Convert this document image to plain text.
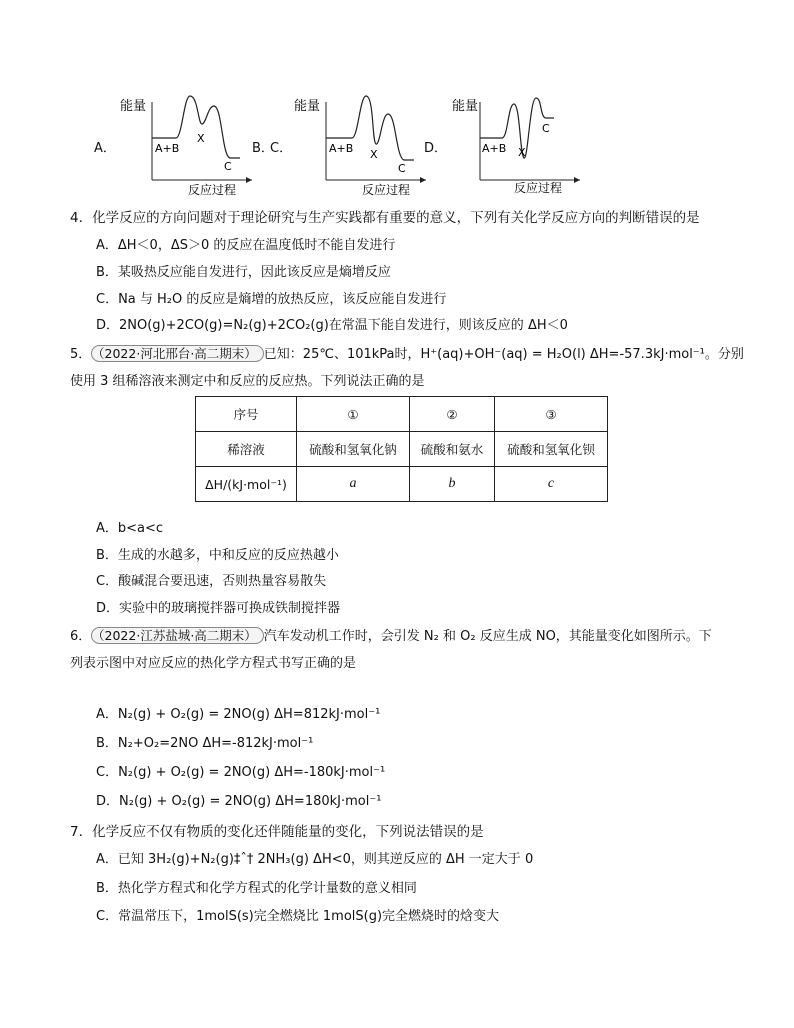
A．
能量
A+B
X
C
反应过程
B．
C．
能量
A+B X
C
反应过程
D．
能量
A+B X
C
反应过程
4．化学反应的方向问题对于理论研究与生产实践都有重要的意义，下列有关化学反应方向的判断错误的是
A．ΔH＜0，ΔS＞0 的反应在温度低时不能自发进行
B．某吸热反应能自发进行，因此该反应是熵增反应
C．Na 与 H₂O 的反应是熵增的放热反应，该反应能自发进行
D．2NO(g)+2CO(g)=N₂(g)+2CO₂(g)在常温下能自发进行，则该反应的 ΔH＜0
5． （2022·河北邢台·高二期末） 已知：25℃、101kPa时，H⁺(aq)+OH⁻(aq) = H₂O(l) ΔH=-57.3kJ·mol⁻¹。分别
使用 3 组稀溶液来测定中和反应的反应热。下列说法正确的是
序号	①	②	③
稀溶液	硫酸和氢氧化钠	硫酸和氨水	硫酸和氢氧化钡
ΔH/(kJ·mol⁻¹)	a	b	c
A．b<a<c
B．生成的水越多，中和反应的反应热越小
C．酸碱混合要迅速，否则热量容易散失
D．实验中的玻璃搅拌器可换成铁制搅拌器
6． （2022·江苏盐城·高二期末） 汽车发动机工作时，会引发 N₂ 和 O₂ 反应生成 NO，其能量变化如图所示。下
列表示图中对应反应的热化学方程式书写正确的是
A．N₂(g) + O₂(g) = 2NO(g) ΔH=812kJ·mol⁻¹
B．N₂+O₂=2NO ΔH=-812kJ·mol⁻¹
C．N₂(g) + O₂(g) = 2NO(g) ΔH=-180kJ·mol⁻¹
D．N₂(g) + O₂(g) = 2NO(g) ΔH=180kJ·mol⁻¹
7．化学反应不仅有物质的变化还伴随能量的变化，下列说法错误的是
A．已知 3H₂(g)+N₂(g)‡ˆ† 2NH₃(g) ΔH<0，则其逆反应的 ΔH 一定大于 0
B．热化学方程式和化学方程式的化学计量数的意义相同
C．常温常压下，1molS(s)完全燃烧比 1molS(g)完全燃烧时的焓变大
